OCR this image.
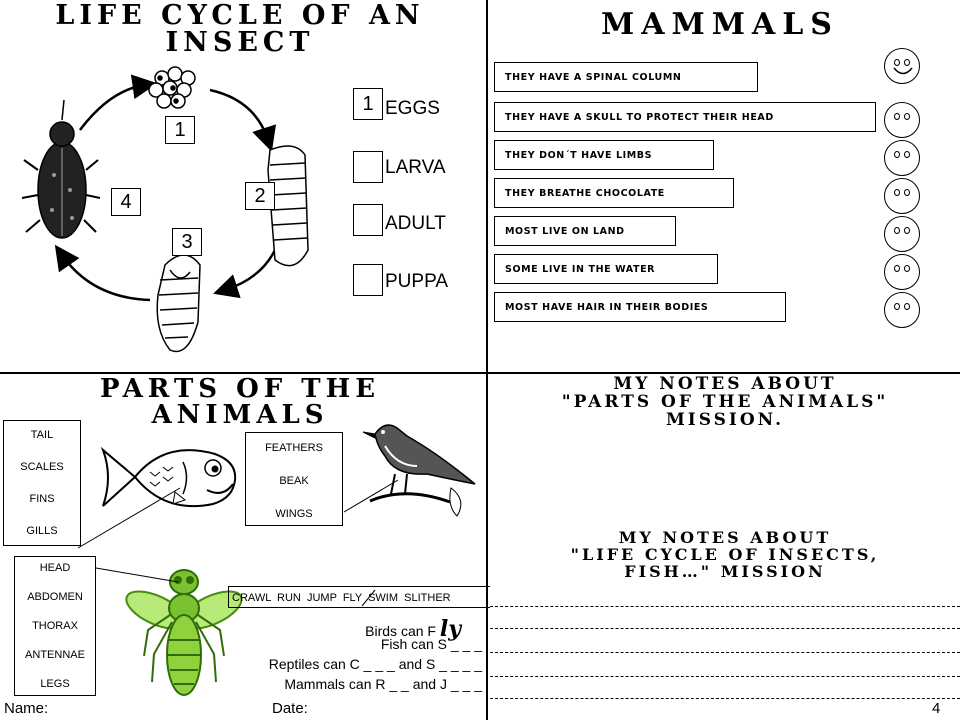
LIFE CYCLE OF AN
INSECT
1
2
3
4
1 EGGS
LARVA
ADULT
PUPPA
MAMMALS
THEY HAVE A SPINAL COLUMN
THEY HAVE A SKULL TO PROTECT THEIR HEAD
THEY DON´T HAVE LIMBS
THEY BREATHE CHOCOLATE
MOST LIVE ON LAND
SOME LIVE IN THE WATER
MOST HAVE HAIR IN THEIR BODIES
PARTS OF THE
ANIMALS
TAIL
SCALES
FINS
GILLS
FEATHERS
BEAK
WINGS
HEAD
ABDOMEN
THORAX
ANTENNAE
LEGS
CRAWL  RUN  JUMP  FLY  SWIM  SLITHER
Birds can F ly
Fish can S _ _ _
Reptiles can C _ _ _ and S _ _ _ _
Mammals can R _ _ and J _ _ _
Name:	Date:
MY NOTES ABOUT
"PARTS OF THE ANIMALS"
MISSION.
MY NOTES ABOUT
"LIFE CYCLE OF INSECTS,
FISH…" MISSION
4
